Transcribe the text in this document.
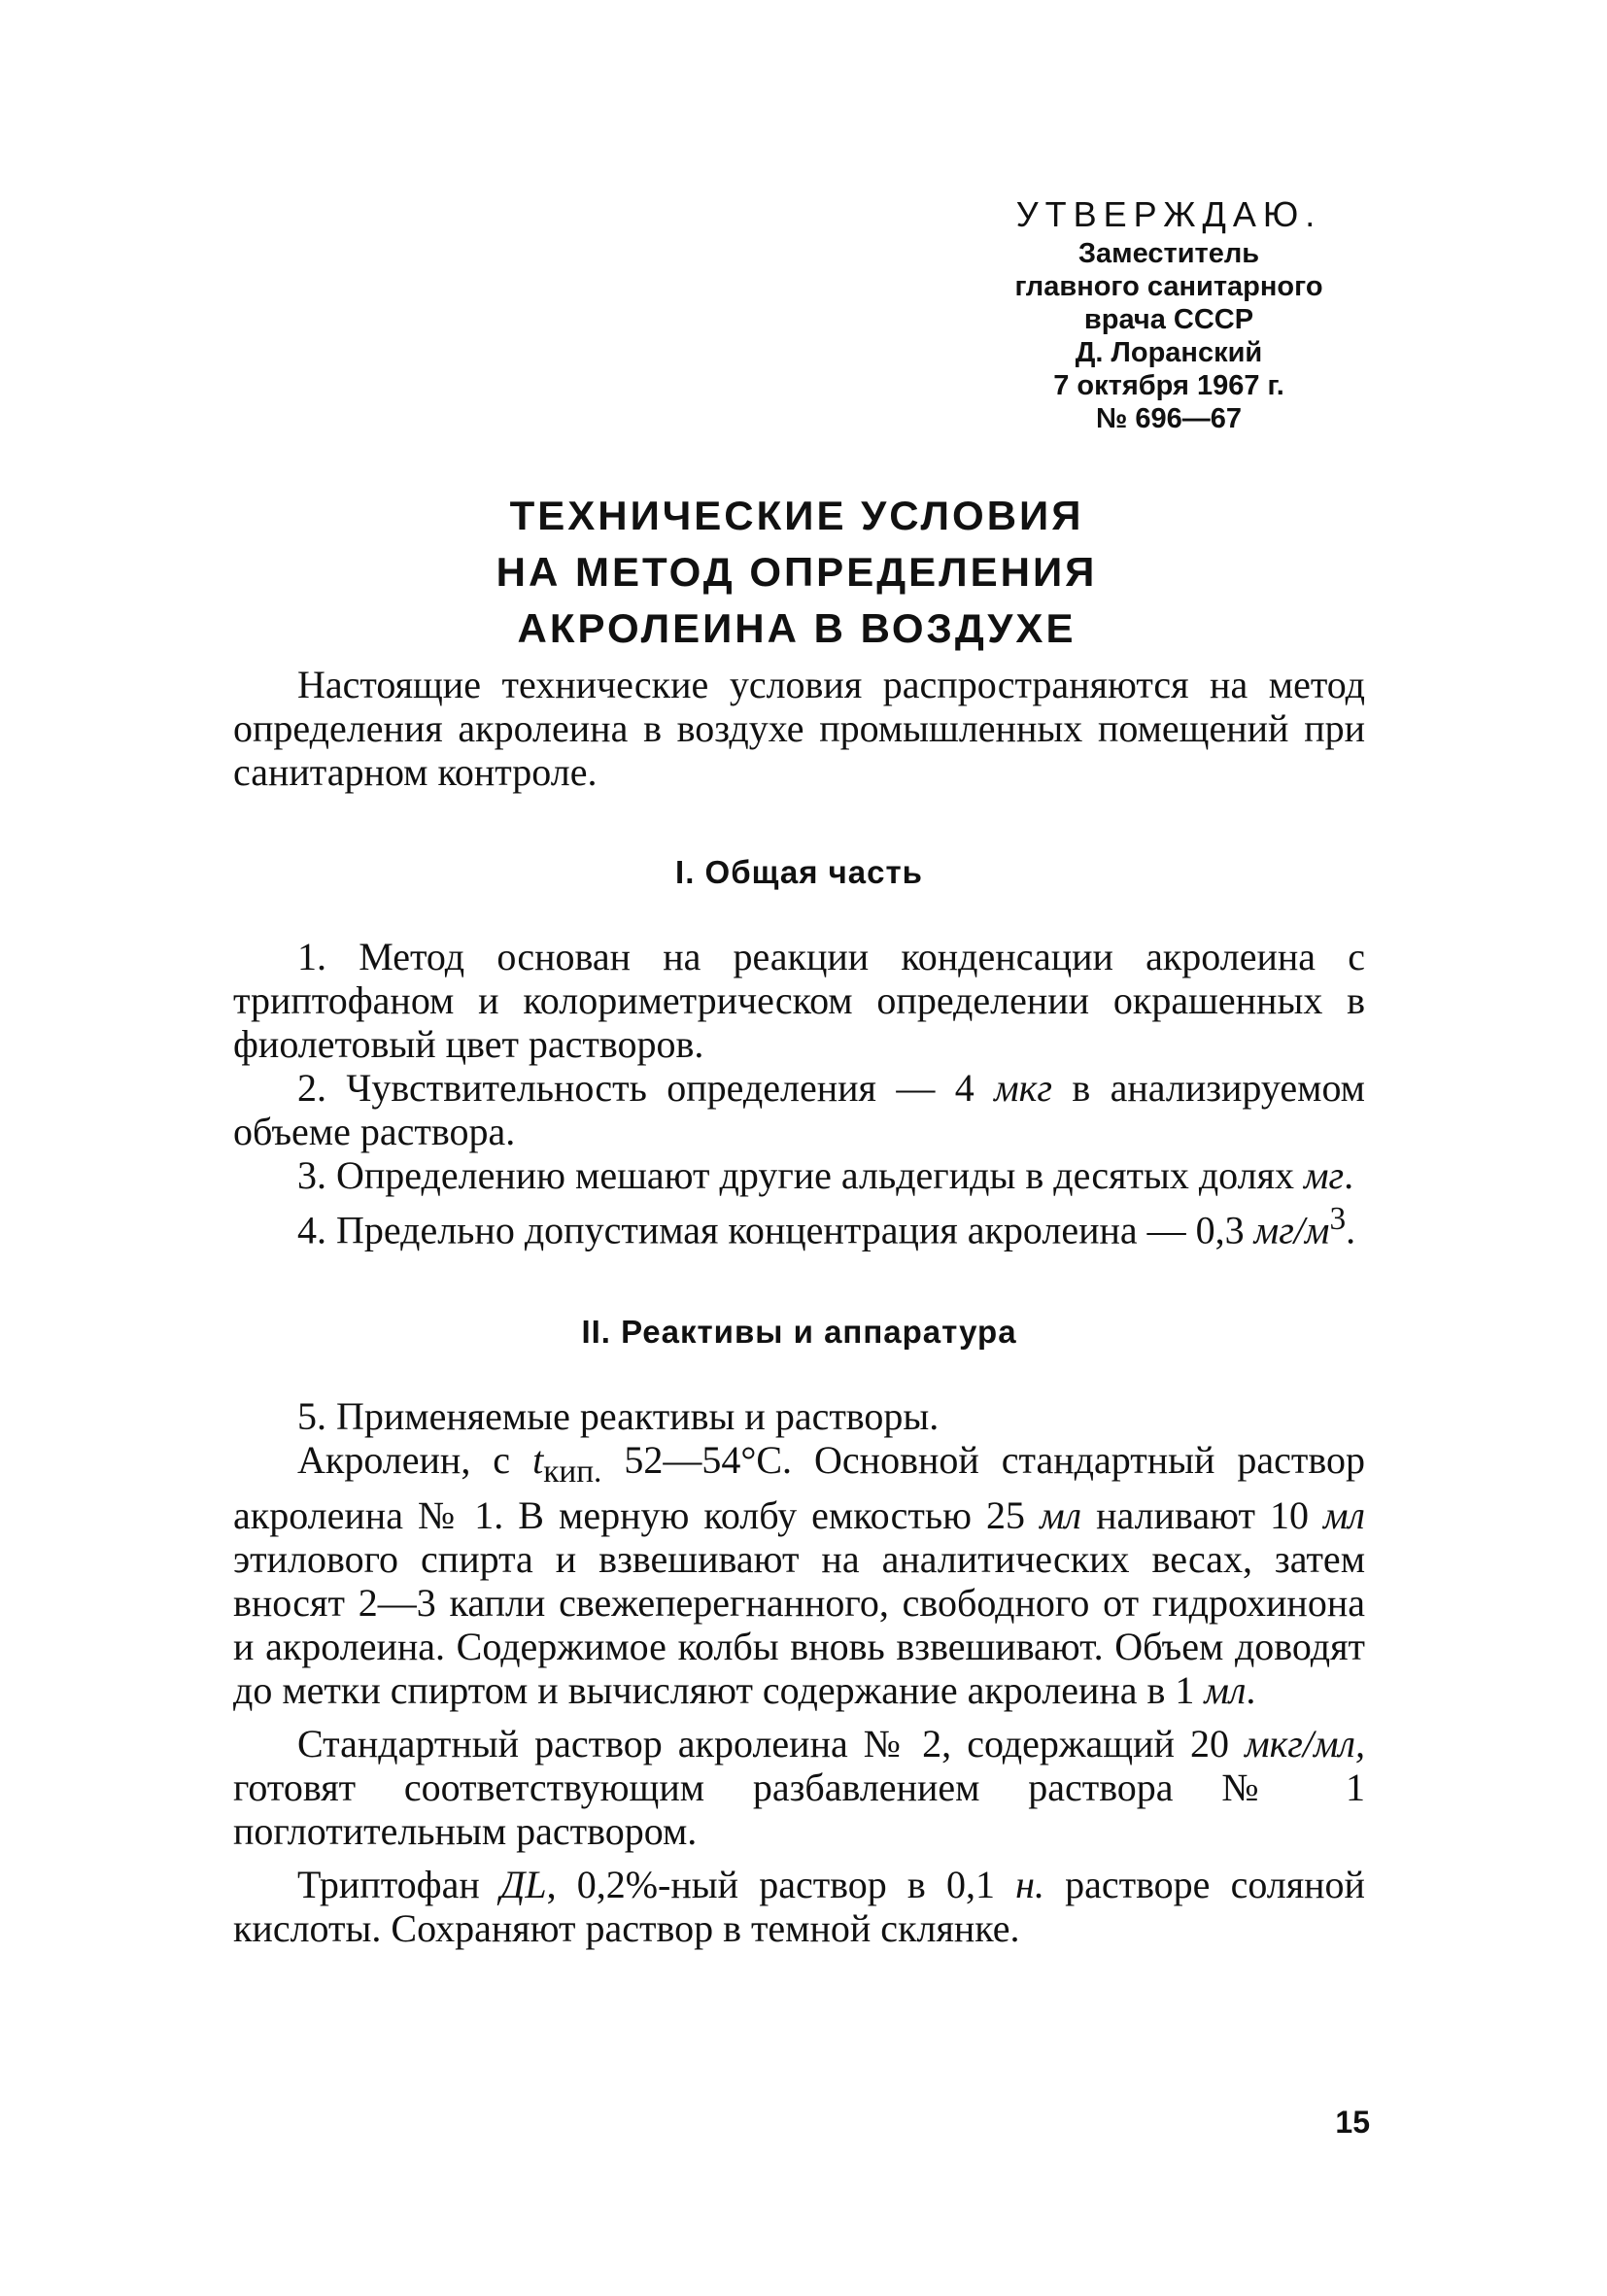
УТВЕРЖДАЮ.
Заместитель
главного санитарного
врача СССР
Д. Лоранский
7 октября 1967 г.
№ 696—67
ТЕХНИЧЕСКИЕ УСЛОВИЯ
НА МЕТОД ОПРЕДЕЛЕНИЯ
АКРОЛЕИНА В ВОЗДУХЕ

Настоящие технические условия распространяются на метод определения акролеина в воздухе промышленных помещений при санитарном контроле.

I. Общая часть

1. Метод основан на реакции конденсации акролеина с триптофаном и колориметрическом определении окрашенных в фиолетовый цвет растворов.

2. Чувствительность определения — 4 мкг в анализируемом объеме раствора.

3. Определению мешают другие альдегиды в десятых долях мг.

4. Предельно допустимая концентрация акролеина — 0,3 $мг/м^3$.

II. Реактивы и аппаратура

5. Применяемые реактивы и растворы.

Акролеин, с $t_{кип.}$ 52—54°С. Основной стандартный раствор акролеина № 1. В мерную колбу емкостью 25 мл наливают 10 мл этилового спирта и взвешивают на аналитических весах, затем вносят 2—3 капли свежеперегнанного, свободного от гидрохинона и акролеина. Содержимое колбы вновь взвешивают. Объем доводят до метки спиртом и вычисляют содержание акролеина в 1 мл.

Стандартный раствор акролеина № 2, содержащий 20 мкг/мл, готовят соответствующим разбавлением раствора № 1 поглотительным раствором.

Триптофан ДL, 0,2%-ный раствор в 0,1 н. растворе соляной кислоты. Сохраняют раствор в темной склянке.

15
